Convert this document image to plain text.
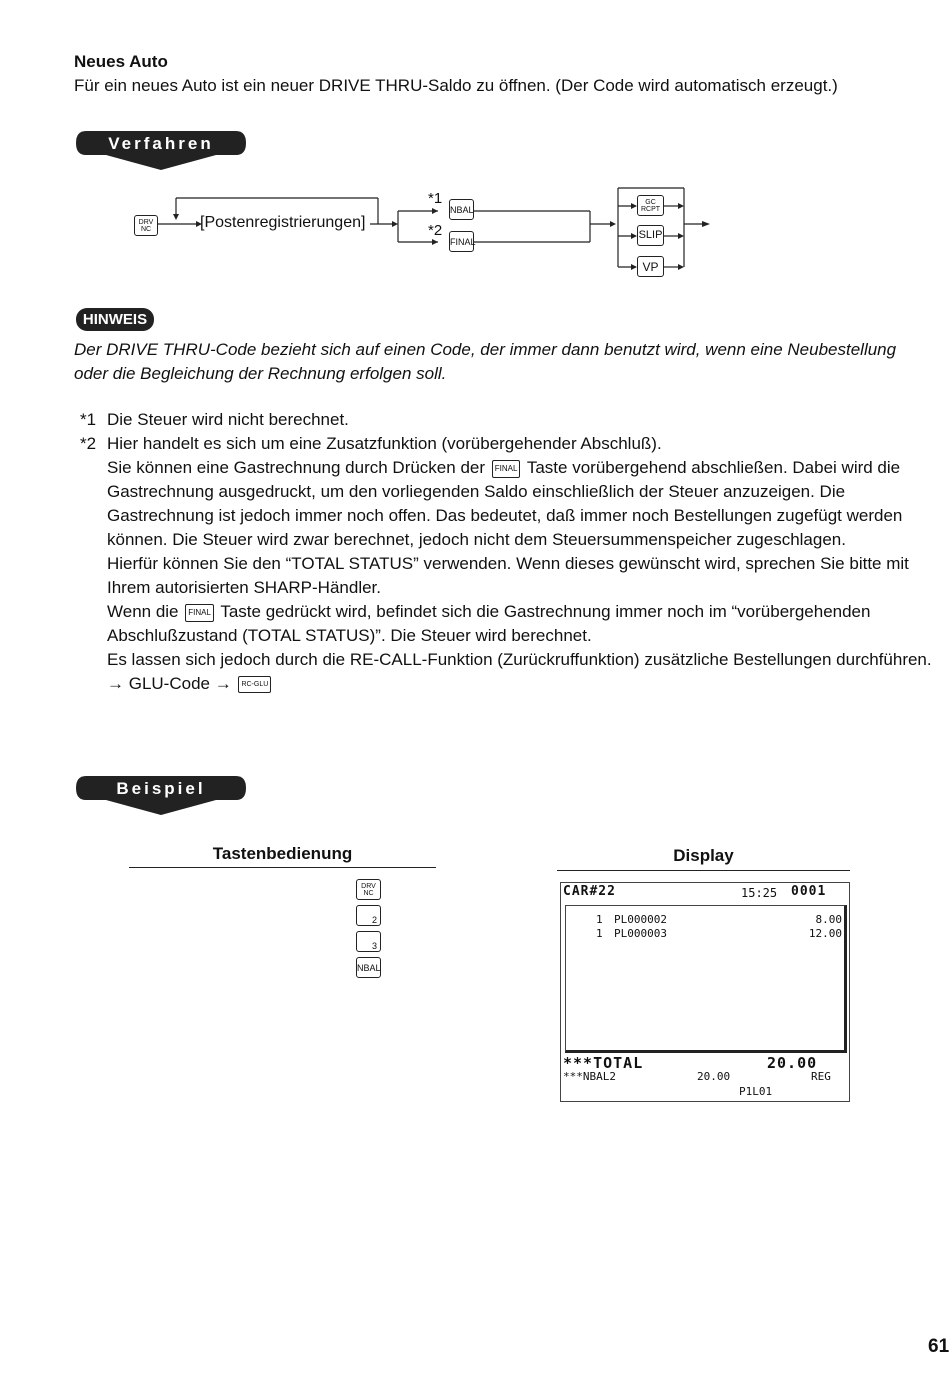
Neues Auto
Für ein neues Auto ist ein neuer DRIVE THRU-Saldo zu öffnen. (Der Code wird automatisch erzeugt.)
Verfahren
DRV
NC	[Postenregistrierungen]
*1
*2
NBAL
FINAL
GC
RCPT
SLIP
VP
HINWEIS
Der DRIVE THRU-Code bezieht sich auf einen Code, der immer dann benutzt wird, wenn eine Neubestellung oder die Begleichung der Rechnung erfolgen soll.
*1 Die Steuer wird nicht berechnet.
*2 Hier handelt es sich um eine Zusatzfunktion (vorübergehender Abschluß).
Sie können eine Gastrechnung durch Drücken der FINAL Taste vorübergehend abschließen. Dabei wird die Gastrechnung ausgedruckt, um den vorliegenden Saldo einschließlich der Steuer anzuzeigen. Die Gastrechnung ist jedoch immer noch offen. Das bedeutet, daß immer noch Bestellungen zugefügt werden können. Die Steuer wird zwar berechnet, jedoch nicht dem Steuersummenspeicher zugeschlagen.
Hierfür können Sie den “TOTAL STATUS” verwenden. Wenn dieses gewünscht wird, sprechen Sie bitte mit Ihrem autorisierten SHARP-Händler.
Wenn die FINAL Taste gedrückt wird, befindet sich die Gastrechnung immer noch im “vorübergehenden Abschlußzustand (TOTAL STATUS)”. Die Steuer wird berechnet.
Es lassen sich jedoch durch die RE-CALL-Funktion (Zurückruffunktion) zusätzliche Bestellungen durchführen.
→ GLU-Code → RC-GLU
Beispiel
Tastenbedienung
DRV
NC
2
3
NBAL
Display
CAR#22	15:25 0001
1 PL000002	8.00
1 PL000003	12.00
***TOTAL	20.00
***NBAL2	20.00	REG
P1L01
61
